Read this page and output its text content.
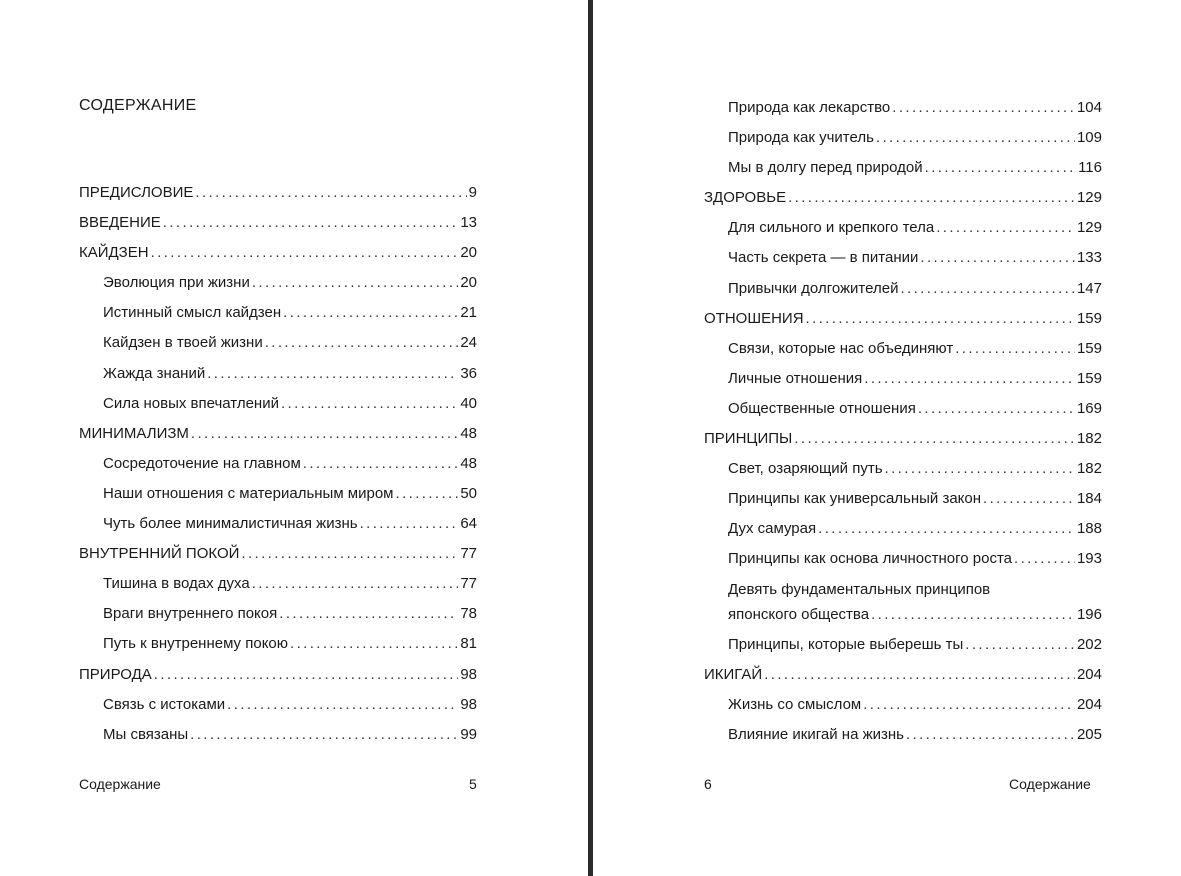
СОДЕРЖАНИЕ
ПРЕДИСЛОВИЕ .....	9
ВВЕДЕНИЕ .....	13
КАЙДЗЕН .....	20
Эволюция при жизни .....	20
Истинный смысл кайдзен .....	21
Кайдзен в твоей жизни .....	24
Жажда знаний .....	36
Сила новых впечатлений .....	40
МИНИМАЛИЗМ .....	48
Сосредоточение на главном .....	48
Наши отношения с материальным миром .....	50
Чуть более минималистичная жизнь .....	64
ВНУТРЕННИЙ ПОКОЙ .....	77
Тишина в водах духа .....	77
Враги внутреннего покоя .....	78
Путь к внутреннему покою .....	81
ПРИРОДА .....	98
Связь с истоками .....	98
Мы связаны .....	99
Содержание	5
Природа как лекарство .....	104
Природа как учитель .....	109
Мы в долгу перед природой .....	116
ЗДОРОВЬЕ .....	129
Для сильного и крепкого тела .....	129
Часть секрета — в питании .....	133
Привычки долгожителей .....	147
ОТНОШЕНИЯ .....	159
Связи, которые нас объединяют .....	159
Личные отношения .....	159
Общественные отношения .....	169
ПРИНЦИПЫ .....	182
Свет, озаряющий путь .....	182
Принципы как универсальный закон .....	184
Дух самурая .....	188
Принципы как основа личностного роста .....	193
Девять фундаментальных принципов
японского общества .....	196
Принципы, которые выберешь ты .....	202
ИКИГАЙ .....	204
Жизнь со смыслом .....	204
Влияние икигай на жизнь .....	205
6	Содержание
